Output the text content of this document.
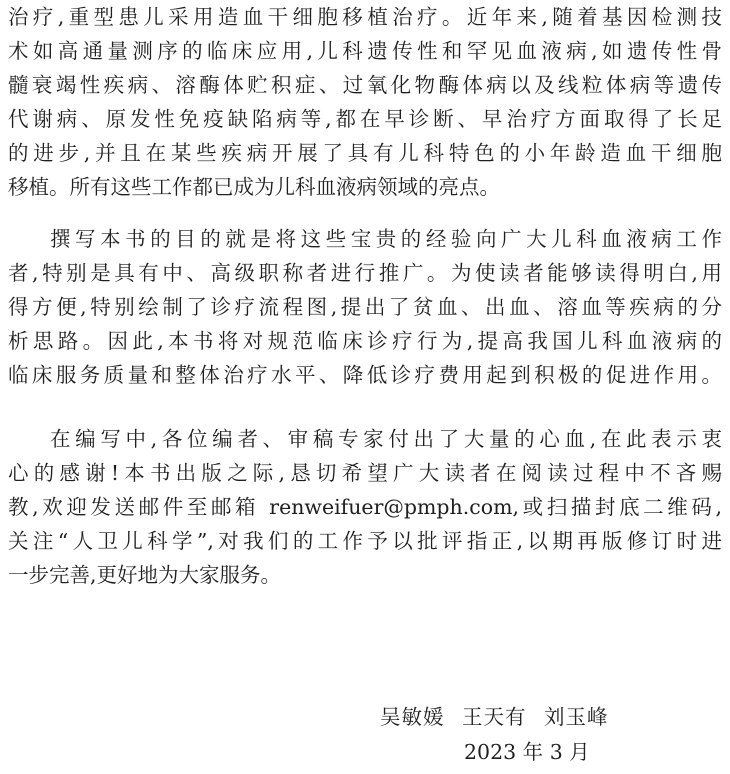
治疗,重型患儿采用造血干细胞移植治疗。近年来,随着基因检测技
术如高通量测序的临床应用,儿科遗传性和罕见血液病,如遗传性骨
髓衰竭性疾病、溶酶体贮积症、过氧化物酶体病以及线粒体病等遗传
代谢病、原发性免疫缺陷病等,都在早诊断、早治疗方面取得了长足
的进步,并且在某些疾病开展了具有儿科特色的小年龄造血干细胞
移植。所有这些工作都已成为儿科血液病领域的亮点。
撰写本书的目的就是将这些宝贵的经验向广大儿科血液病工作
者,特别是具有中、高级职称者进行推广。为使读者能够读得明白,用
得方便,特别绘制了诊疗流程图,提出了贫血、出血、溶血等疾病的分
析思路。因此,本书将对规范临床诊疗行为,提高我国儿科血液病的
临床服务质量和整体治疗水平、降低诊疗费用起到积极的促进作用。
在编写中,各位编者、审稿专家付出了大量的心血,在此表示衷
心的感谢!本书出版之际,恳切希望广大读者在阅读过程中不吝赐
教,欢迎发送邮件至邮箱 renweifuer@pmph.com,或扫描封底二维码,
关注“人卫儿科学”,对我们的工作予以批评指正,以期再版修订时进
一步完善,更好地为大家服务。
吴敏媛 王天有 刘玉峰
2023 年 3 月
